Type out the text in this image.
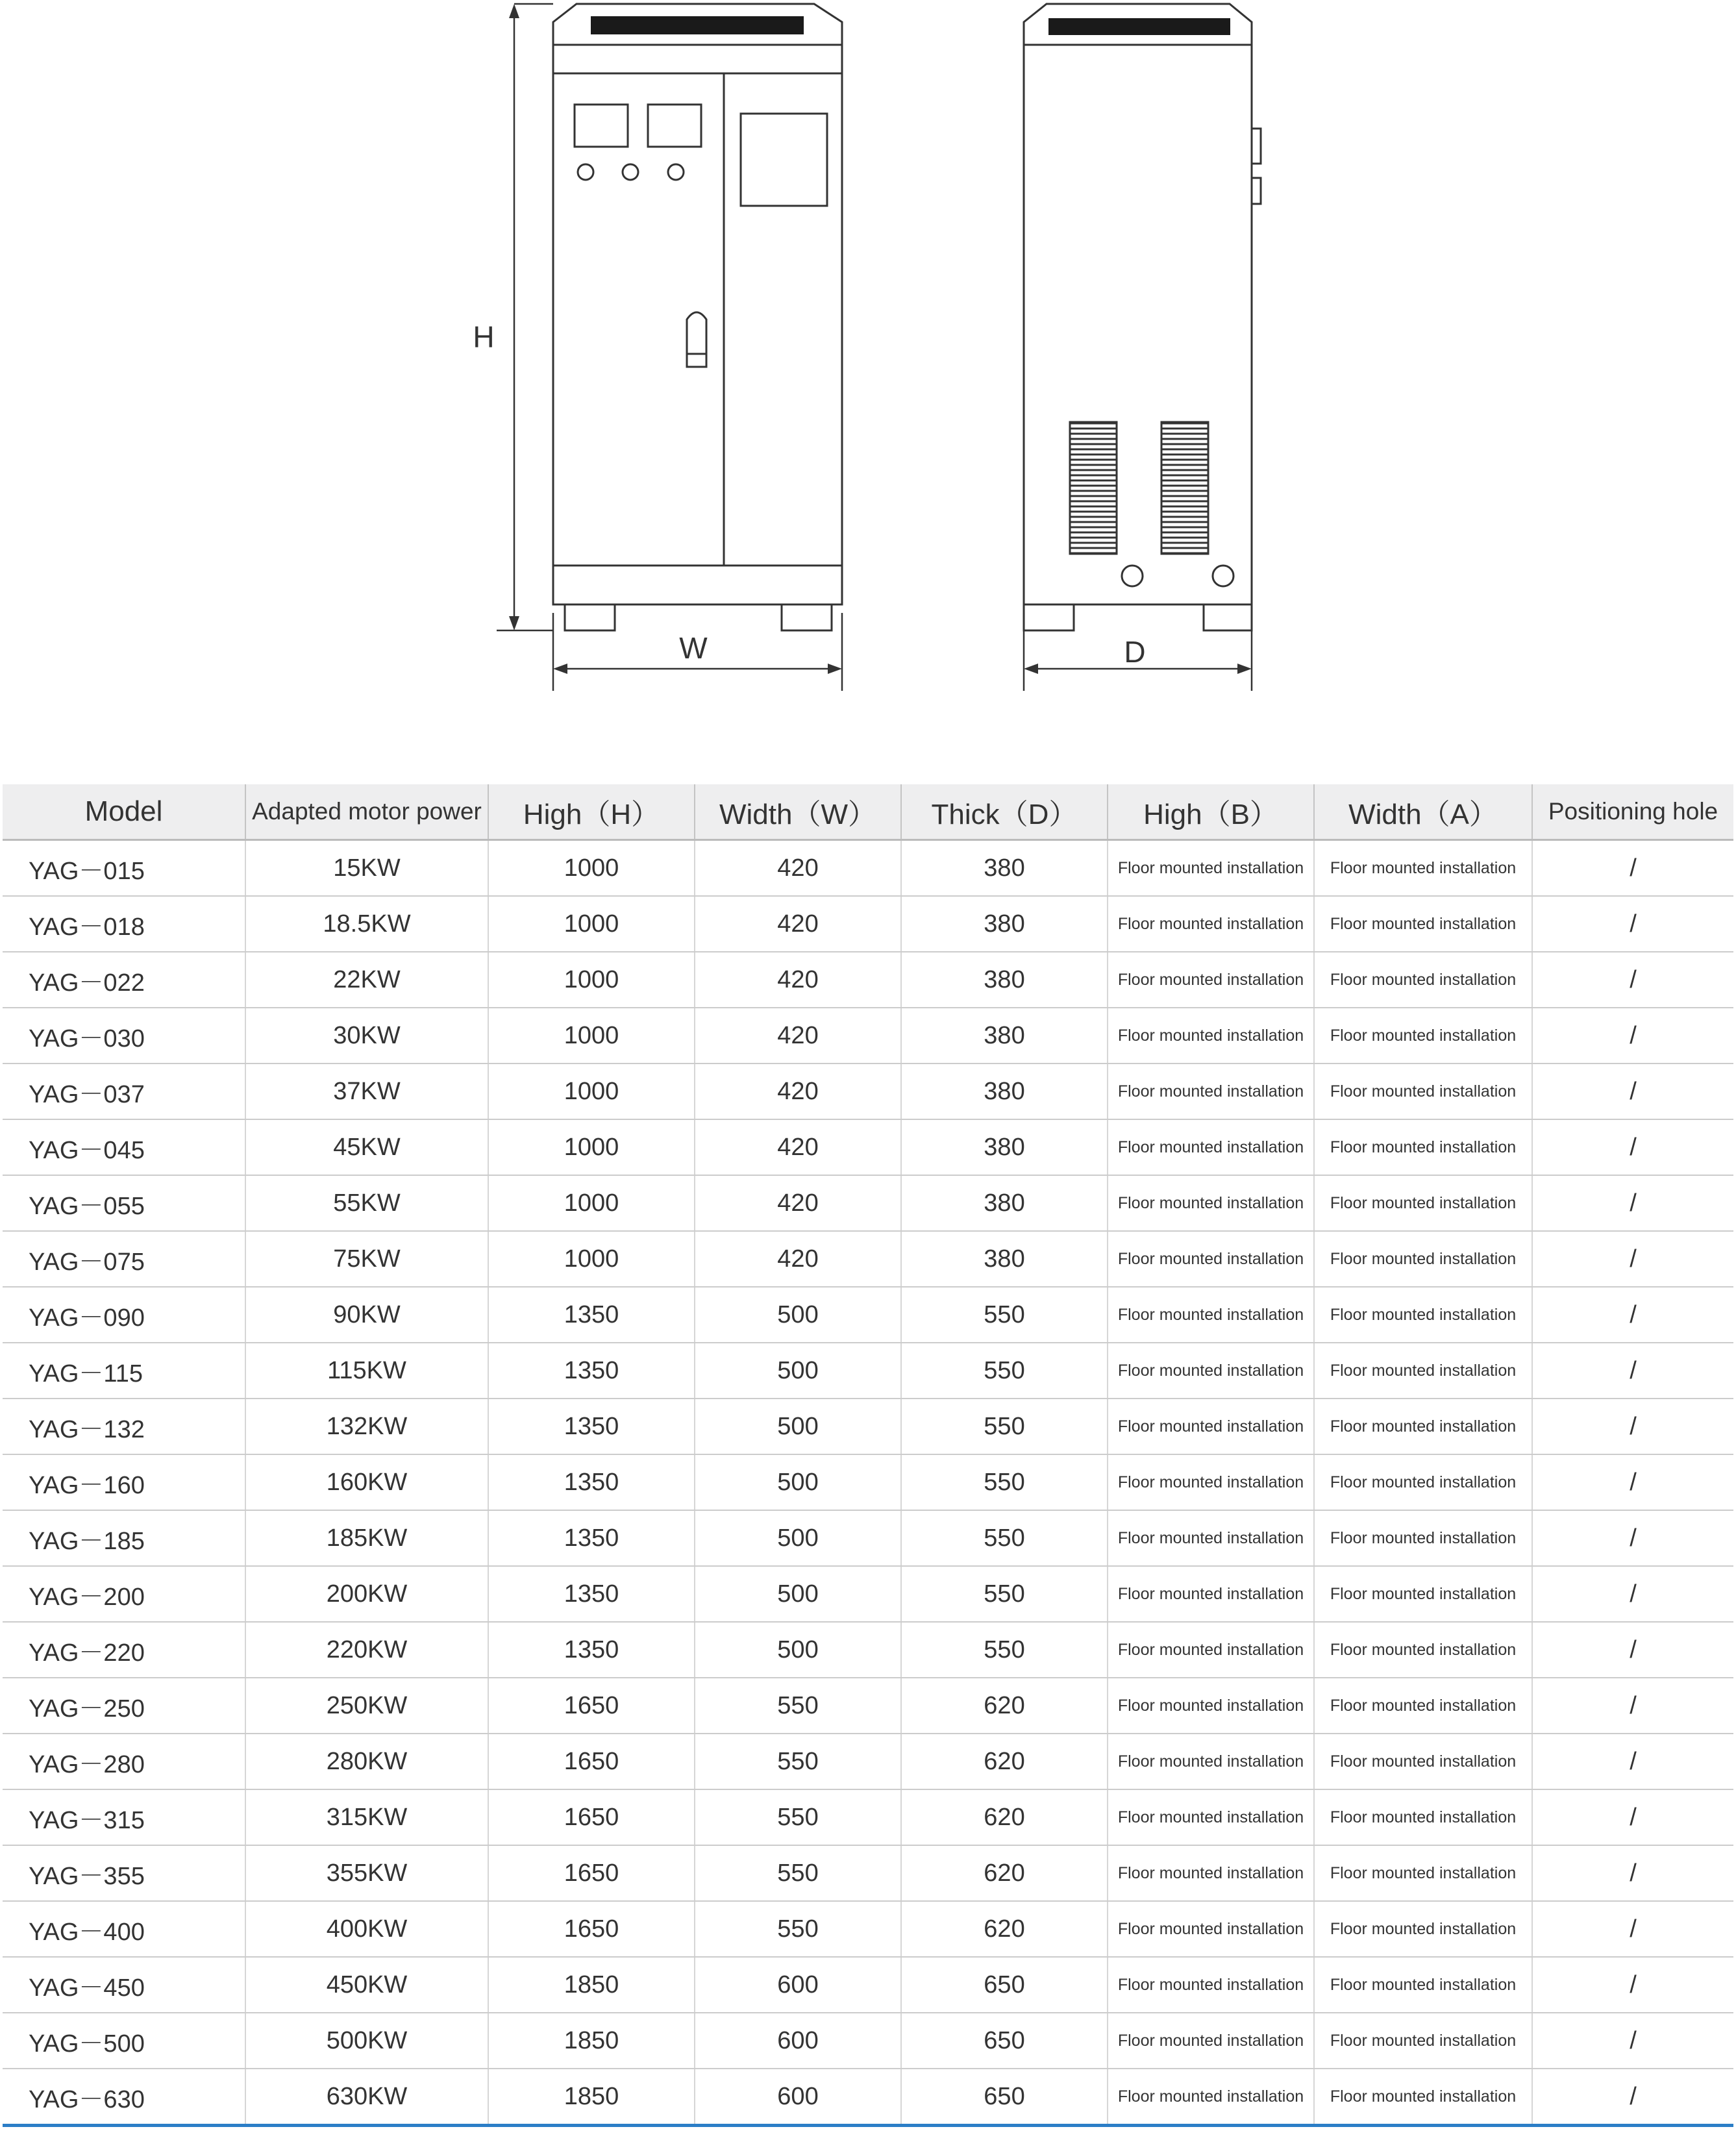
H
W	D
Model	Adapted motor power	High（H）	Width（W）	Thick（D）	High（B）	Width（A）	Positioning hole
YAG－015	15KW	1000	420	380	Floor mounted installation	Floor mounted installation	/
YAG－018	18.5KW	1000	420	380	Floor mounted installation	Floor mounted installation	/
YAG－022	22KW	1000	420	380	Floor mounted installation	Floor mounted installation	/
YAG－030	30KW	1000	420	380	Floor mounted installation	Floor mounted installation	/
YAG－037	37KW	1000	420	380	Floor mounted installation	Floor mounted installation	/
YAG－045	45KW	1000	420	380	Floor mounted installation	Floor mounted installation	/
YAG－055	55KW	1000	420	380	Floor mounted installation	Floor mounted installation	/
YAG－075	75KW	1000	420	380	Floor mounted installation	Floor mounted installation	/
YAG－090	90KW	1350	500	550	Floor mounted installation	Floor mounted installation	/
YAG－115	115KW	1350	500	550	Floor mounted installation	Floor mounted installation	/
YAG－132	132KW	1350	500	550	Floor mounted installation	Floor mounted installation	/
YAG－160	160KW	1350	500	550	Floor mounted installation	Floor mounted installation	/
YAG－185	185KW	1350	500	550	Floor mounted installation	Floor mounted installation	/
YAG－200	200KW	1350	500	550	Floor mounted installation	Floor mounted installation	/
YAG－220	220KW	1350	500	550	Floor mounted installation	Floor mounted installation	/
YAG－250	250KW	1650	550	620	Floor mounted installation	Floor mounted installation	/
YAG－280	280KW	1650	550	620	Floor mounted installation	Floor mounted installation	/
YAG－315	315KW	1650	550	620	Floor mounted installation	Floor mounted installation	/
YAG－355	355KW	1650	550	620	Floor mounted installation	Floor mounted installation	/
YAG－400	400KW	1650	550	620	Floor mounted installation	Floor mounted installation	/
YAG－450	450KW	1850	600	650	Floor mounted installation	Floor mounted installation	/
YAG－500	500KW	1850	600	650	Floor mounted installation	Floor mounted installation	/
YAG－630	630KW	1850	600	650	Floor mounted installation	Floor mounted installation	/
